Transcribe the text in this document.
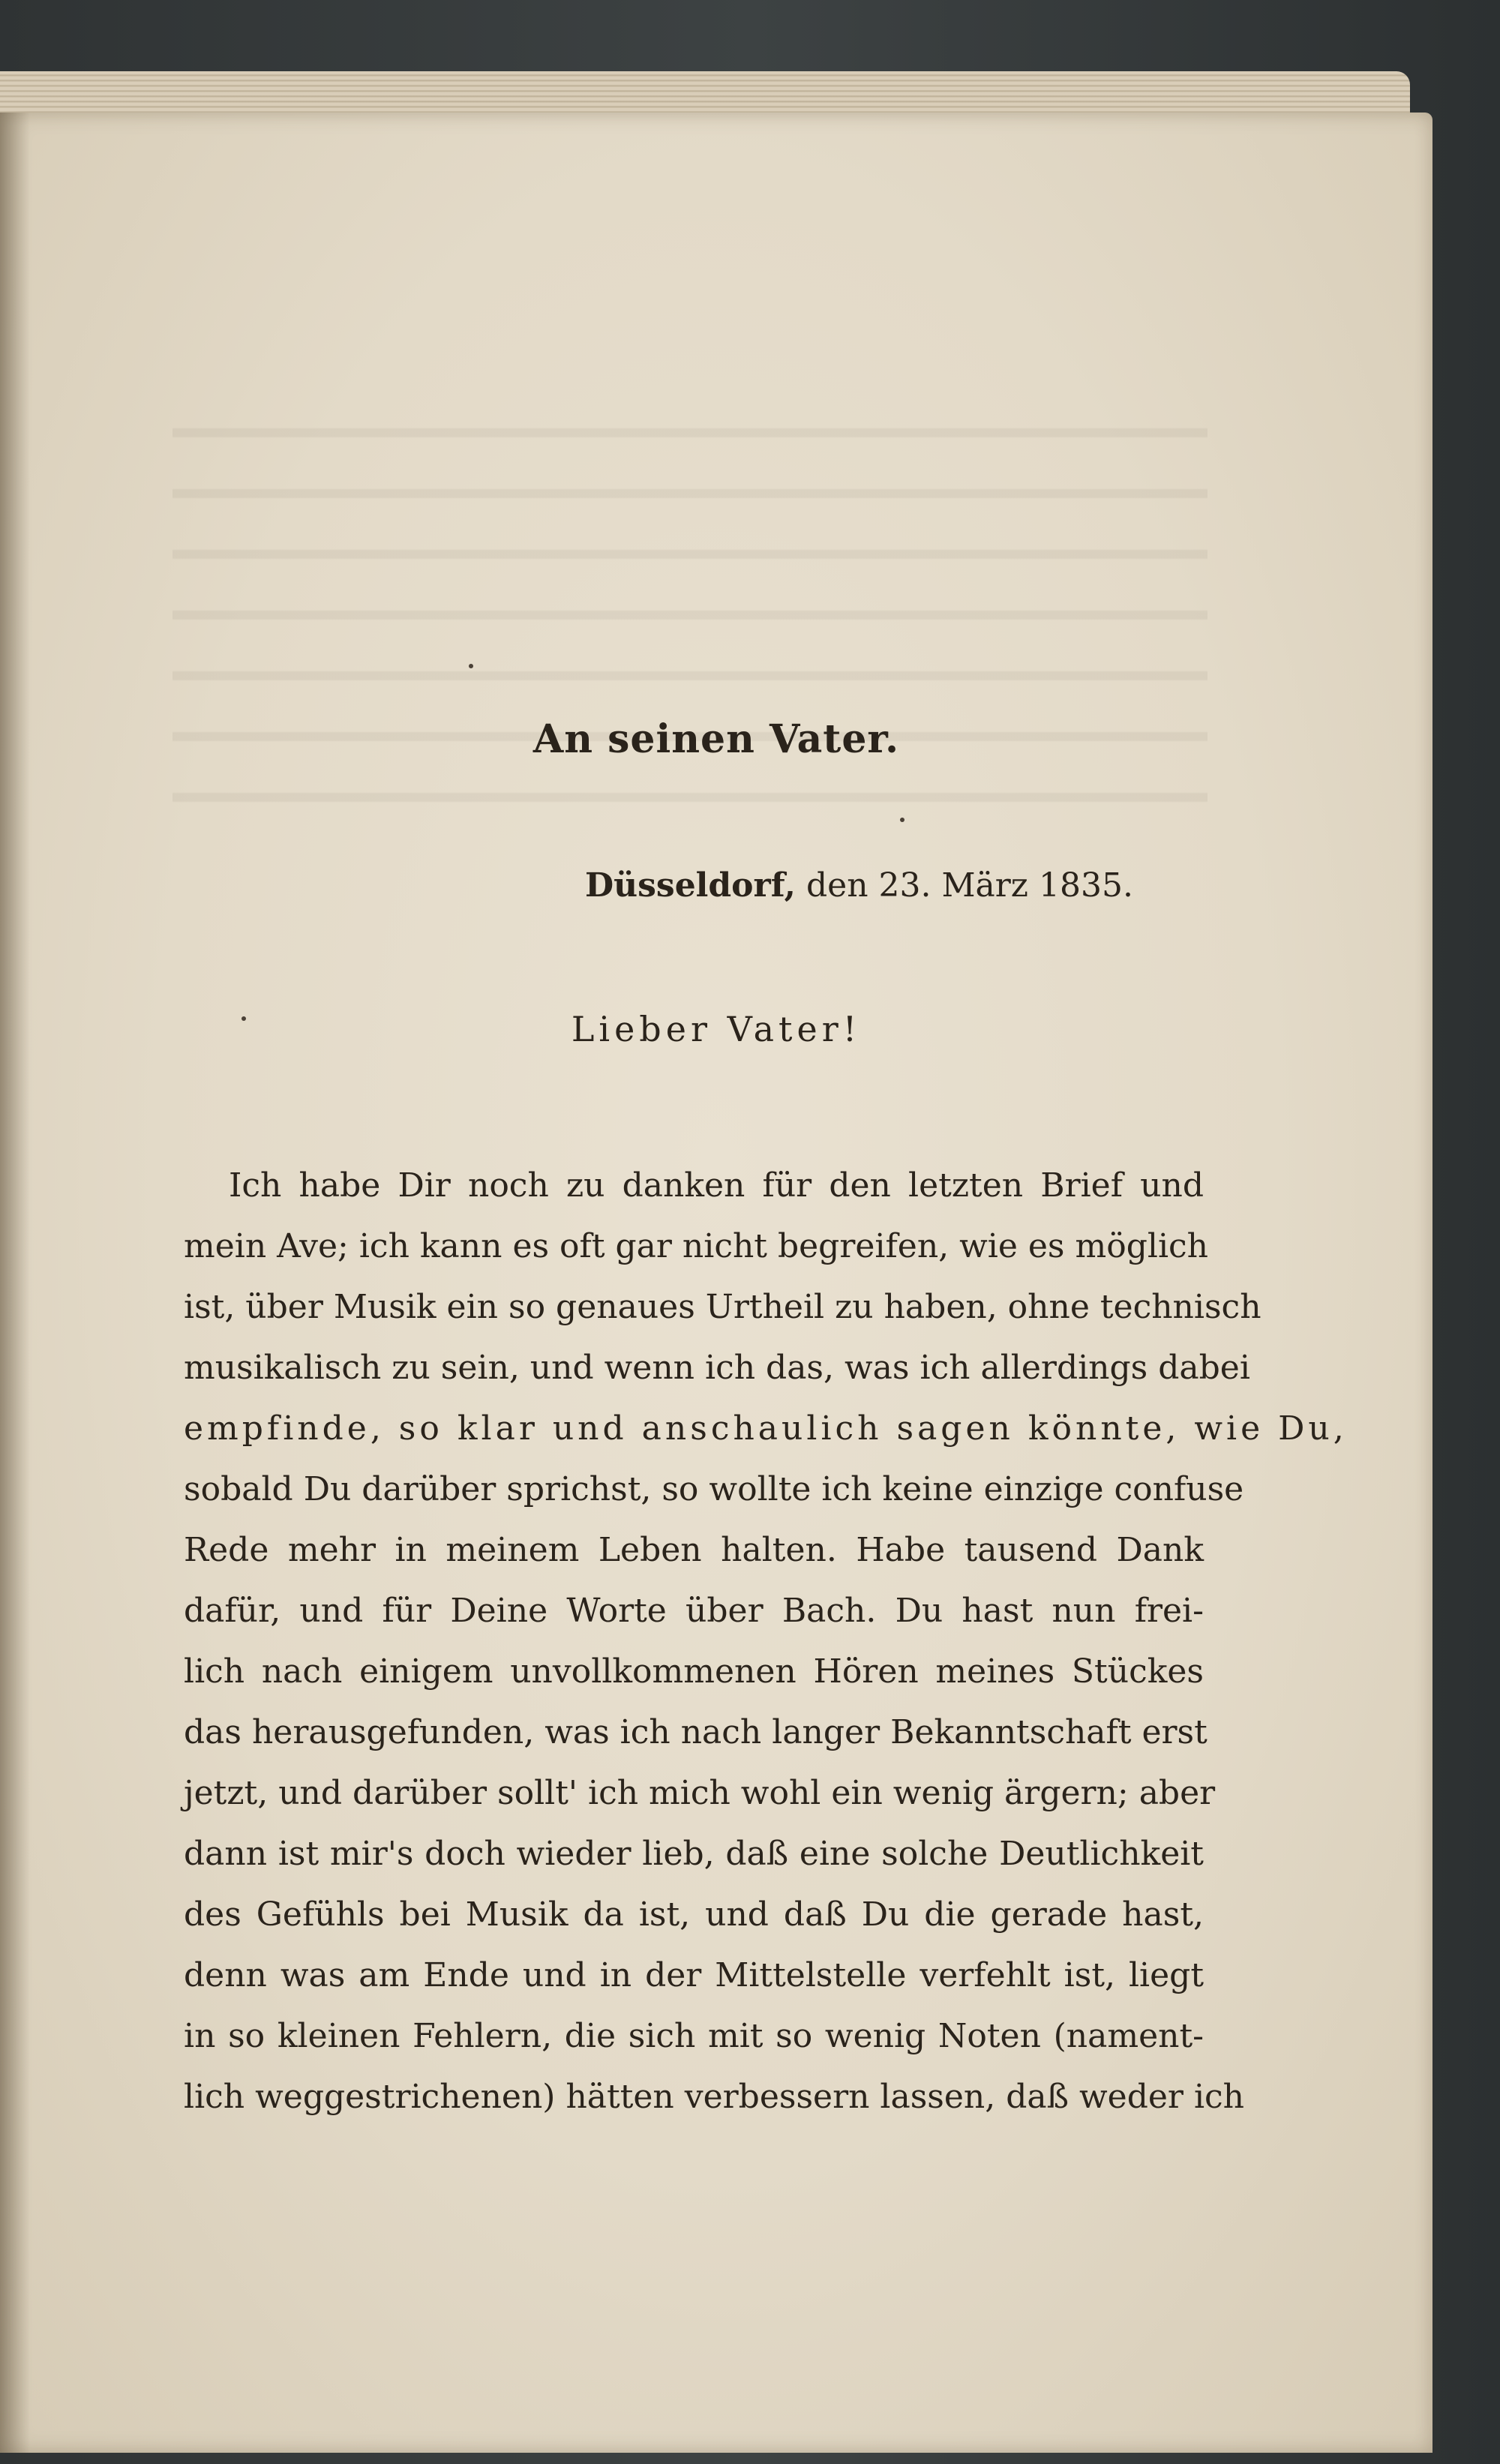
An seinen Vater.
Düsseldorf, den 23. März 1835.
Lieber Vater!
Ich habe Dir noch zu danken für den letzten Brief und
mein Ave; ich kann es oft gar nicht begreifen, wie es möglich
ist, über Musik ein so genaues Urtheil zu haben, ohne technisch
musikalisch zu sein, und wenn ich das, was ich allerdings dabei
empfinde, so klar und anschaulich sagen könnte, wie Du,
sobald Du darüber sprichst, so wollte ich keine einzige confuse
Rede mehr in meinem Leben halten. Habe tausend Dank
dafür, und für Deine Worte über Bach. Du hast nun frei-
lich nach einigem unvollkommenen Hören meines Stückes
das herausgefunden, was ich nach langer Bekanntschaft erst
jetzt, und darüber sollt' ich mich wohl ein wenig ärgern; aber
dann ist mir's doch wieder lieb, daß eine solche Deutlichkeit
des Gefühls bei Musik da ist, und daß Du die gerade hast,
denn was am Ende und in der Mittelstelle verfehlt ist, liegt
in so kleinen Fehlern, die sich mit so wenig Noten (nament-
lich weggestrichenen) hätten verbessern lassen, daß weder ich
